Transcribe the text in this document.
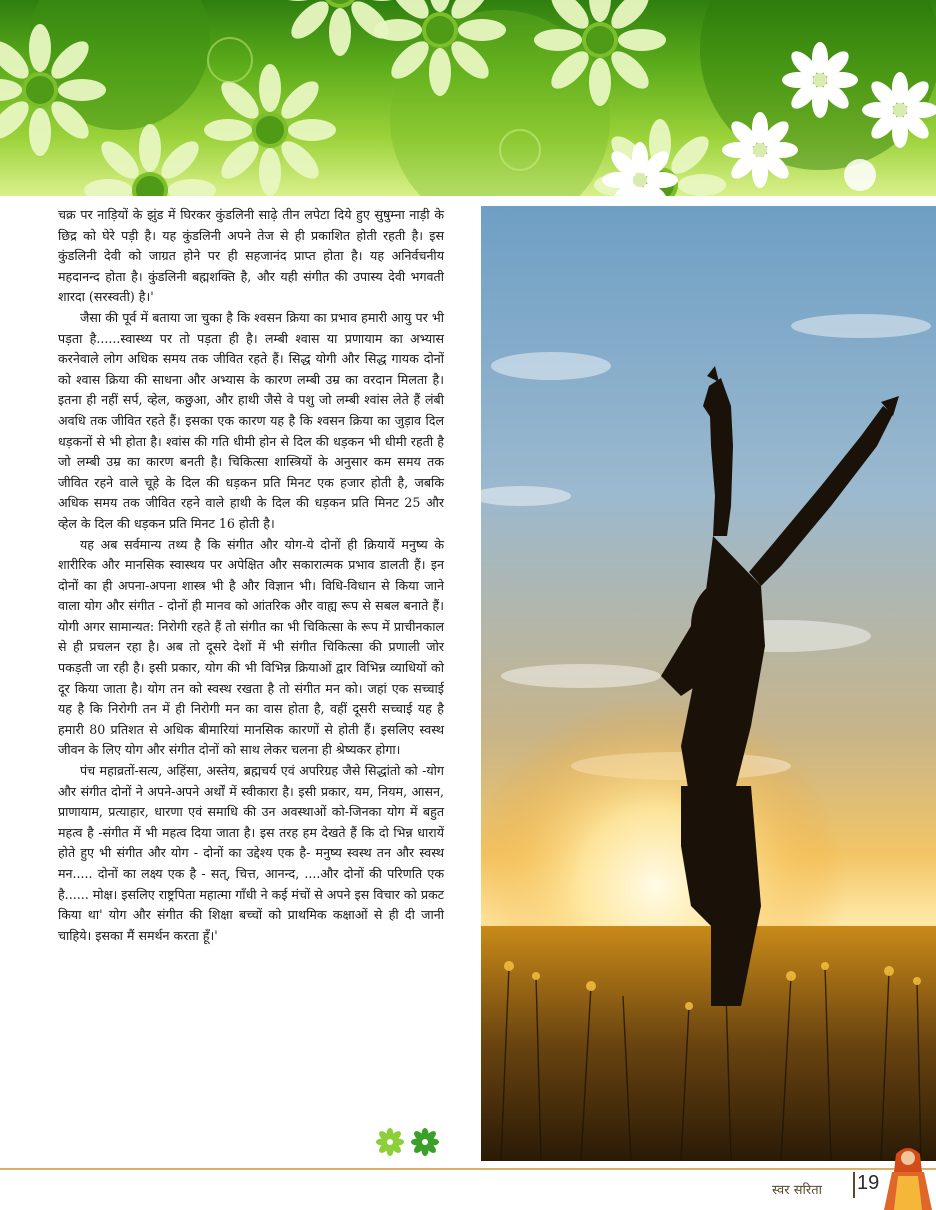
चक्र पर नाड़ियों के झुंड में घिरकर कुंडलिनी साढ़े तीन लपेटा दिये हुए सुषुम्ना नाड़ी के छिद्र को घेरे पड़ी है। यह कुंडलिनी अपने तेज से ही प्रकाशित होती रहती है। इस कुंडलिनी देवी को जाग्रत होने पर ही सहजानंद प्राप्त होता है। यह अनिर्वचनीय महदानन्द होता है। कुंडलिनी बह्मशक्ति है, और यही संगीत की उपास्य देवी भगवती शारदा (सरस्वती) है।'

जैसा की पूर्व में बताया जा चुका है कि श्वसन क्रिया का प्रभाव हमारी आयु पर भी पड़ता है......स्वास्थ्य पर तो पड़ता ही है। लम्बी श्वास या प्रणायाम का अभ्यास करनेवाले लोग अधिक समय तक जीवित रहते हैं। सिद्ध योगी और सिद्ध गायक दोनों को श्वास क्रिया की साधना और अभ्यास के कारण लम्बी उम्र का वरदान मिलता है। इतना ही नहीं सर्प, व्हेल, कछुआ, और हाथी जैसे वे पशु जो लम्बी श्वांस लेते हैं लंबी अवधि तक जीवित रहते हैं। इसका एक कारण यह है कि श्वसन क्रिया का जुड़ाव दिल धड़कनों से भी होता है। श्वांस की गति धीमी होन से दिल की धड़कन भी धीमी रहती है जो लम्बी उम्र का कारण बनती है। चिकित्सा शास्त्रियों के अनुसार कम समय तक जीवित रहने वाले चूहे के दिल की धड़कन प्रति मिनट एक हजार होती है, जबकि अधिक समय तक जीवित रहने वाले हाथी के दिल की धड़कन प्रति मिनट 25 और व्हेल के दिल की धड़कन प्रति मिनट 16 होती है।

यह अब सर्वमान्य तथ्य है कि संगीत और योग-ये दोनों ही क्रियायें मनुष्य के शारीरिक और मानसिक स्वास्थय पर अपेक्षित और सकारात्मक प्रभाव डालती हैं। इन दोनों का ही अपना-अपना शास्त्र भी है और विज्ञान भी। विधि-विधान से किया जाने वाला योग और संगीत - दोनों ही मानव को आंतरिक और वाह्य रूप से सबल बनाते हैं। योगी अगर सामान्यत: निरोगी रहते हैं तो संगीत का भी चिकित्सा के रूप में प्राचीनकाल से ही प्रचलन रहा है। अब तो दूसरे देशों में भी संगीत चिकित्सा की प्रणाली जोर पकड़ती जा रही है। इसी प्रकार, योग की भी विभिन्न क्रियाओं द्वार विभिन्न व्याधियों को दूर किया जाता है। योग तन को स्वस्थ रखता है तो संगीत मन को। जहां एक सच्चाई यह है कि निरोगी तन में ही निरोगी मन का वास होता है, वहीं दूसरी सच्चाई यह है हमारी 80 प्रतिशत से अधिक बीमारियां मानसिक कारणों से होती हैं। इसलिए स्वस्थ जीवन के लिए योग और संगीत दोनों को साथ लेकर चलना ही श्रेष्यकर होगा।

पंच महाव्रतों-सत्य, अहिंसा, अस्तेय, ब्रह्मचर्य एवं अपरिग्रह जैसे सिद्धांतो को -योग और संगीत दोनों ने अपने-अपने अर्थों में स्वीकारा है। इसी प्रकार, यम, नियम, आसन, प्राणायाम, प्रत्याहार, धारणा एवं समाधि की उन अवस्थाओं को-जिनका योग में बहुत महत्व है -संगीत में भी महत्व दिया जाता है। इस तरह हम देखते हैं कि दो भिन्न धारायें होते हुए भी संगीत और योग - दोनों का उद्देश्य एक है- मनुष्य स्वस्थ तन और स्वस्थ मन..... दोनों का लक्ष्य एक है - सत्, चित्त, आनन्द, ....और दोनों की परिणति एक है...... मोक्ष। इसलिए राष्ट्रपिता महात्मा गाँधी ने कई मंचों से अपने इस विचार को प्रकट किया था' योग और संगीत की शिक्षा बच्चों को प्राथमिक कक्षाओं से ही दी जानी चाहिये। इसका मैं समर्थन करता हूँ।'

स्वर सरिता 19
